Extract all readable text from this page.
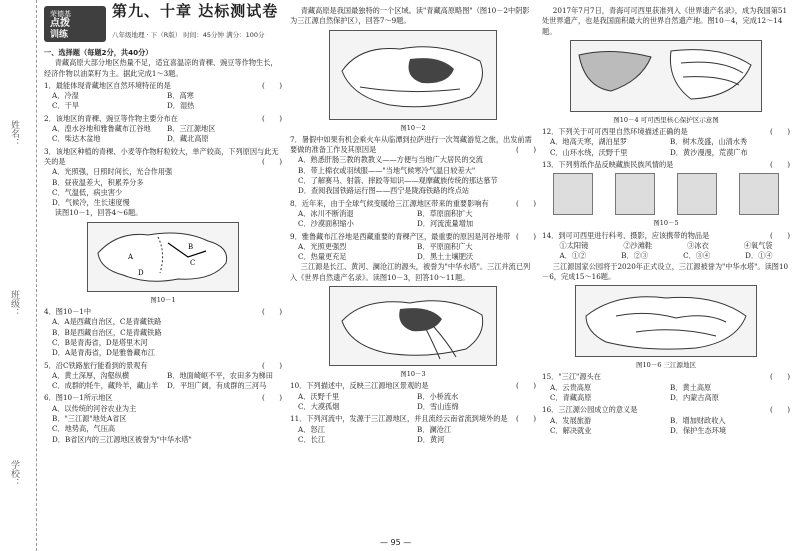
姓名：
班级：
学校：
荣德基
点拨
训练
第九、十章 达标测试卷
八年级地理 · 下（R版） 时间：45分钟 满分：100分
一、选择题（每题2分，共40分）
青藏高原大部分地区热量不足，适宜喜温凉的青稞、豌豆等作物生长，经济作物以油菜籽为主。据此完成1～3题。
1．最能体现青藏地区自然环境特征的是	(　　)
A．冷湿	B．高寒
C．干旱	D．湿热
2．该地区的青稞、豌豆等作物主要分布在	(　　)
A．湟水谷地和雅鲁藏布江谷地	B．三江源地区
C．柴达木盆地	D．藏北高原
3．该地区种植的青稞、小麦等作物籽粒较大，单产较高，下列原因与此无关的是	(　　)
A．光照强，日照时间长，光合作用强
B．昼夜温差大，积累养分多
C．气温低，病虫害少
D．气候冷，生长速度慢
读图10－1，回答4～6题。
A
B
C
D
图10－1
4．图10－1中	(　　)
A．A是西藏自治区，C是青藏铁路
B．B是西藏自治区，C是青藏铁路
C．B是青海省，D是塔里木河
D．A是青海省，D是雅鲁藏布江
5．沿C铁路旅行能看到的景观有	(　　)
A．黄土深厚，沟壑纵横	B．地面崎岖不平，农田多为梯田
C．成群的牦牛，藏羚羊，藏山羊	D．平坦广阔，有成群的三河马
6．图10－1所示地区	(　　)
A．以传统的河谷农业为主
B．"三江源"地处A省区
C．地势高，气压高
D．B省区内的三江源地区被誉为"中华水塔"
青藏高原是我国最独特的一个区域。读"青藏高原略图"（图10－2中阴影为三江源自然保护区），回答7～9题。
图10－2
7．暑假中如果有机会乘火车从临潭到拉萨进行一次驾藏游览之旅，出发前需要做的准备工作及其原因是	(　　)
A．熟悉肝肠三教的教教义——方便与当地广大居民的交流
B．带上棉衣或羽绒服——"当地气候寒冷气温日较差大"
C．了解赛马、射箭、摔跤等知识——观摩藏族传统的那达慕节
D．查阅我国铁路运行图——西宁是陇海铁路的终点站
8．近年来，由于全球气候变暖给三江源地区带来的重要影响有	(　　)
A．冰川不断消退	B．草原面积扩大
C．沙漠面积缩小	D．河流流量增加
9．雅鲁藏布江谷地是西藏重要的青稞产区，最重要的原因是河谷地带 (　　)
A．光照更强烈	B．平原面积广大
C．热量更充足	D．黑土土壤肥沃
三江源是长江、黄河、澜沧江的源头，被誉为"中华水塔"。三江并流已列入《世界自然遗产名录》。读图10－3，回答10～11题。
图10－3
10．下列描述中，反映三江源地区景观的是	(　　)
A．沃野千里	B．小桥流水
C．大漠孤烟	D．雪山连绵
11．下列河流中，发源于三江源地区，并且流经云南省流到境外的是 (　　)
A．怒江	B．澜沧江
C．长江	D．黄河
2017年7月7日，青海可可西里获准列入《世界遗产名录》，成为我国第51处世界遗产，也是我国面积最大的世界自然遗产地。图10－4，完成12～14题。
图10－4 可可西里核心保护区示意图
12．下列关于可可西里自然环境描述正确的是	(　　)
A．地高天寒，湖泊星罗	B．树木茂盛，山清水秀
C．山环水绕，沃野千里	D．黄沙漫漫，荒漠广布
13．下列剪纸作品反映藏族民族风情的是	(　　)
图10－5
14．到可可西里进行科考、摄影，应该携带的物品是	(　　)
①太阳镜	②沙滩鞋	③冰衣	④氧气袋
A．①②	B．②③	C．③④	D．①④
三江源国家公园将于2020年正式设立，三江源被誉为"中华水塔"。读图10－6，完成15～16题。
图10－6 三江源地区
15．"三江"源头在	(　　)
A．云贵高原	B．黄土高原
C．青藏高原	D．内蒙古高原
16．三江源公园成立的意义是	(　　)
A．发展旅游	B．增加财政收入
C．解决就业	D．保护生态环境
— 95 —
